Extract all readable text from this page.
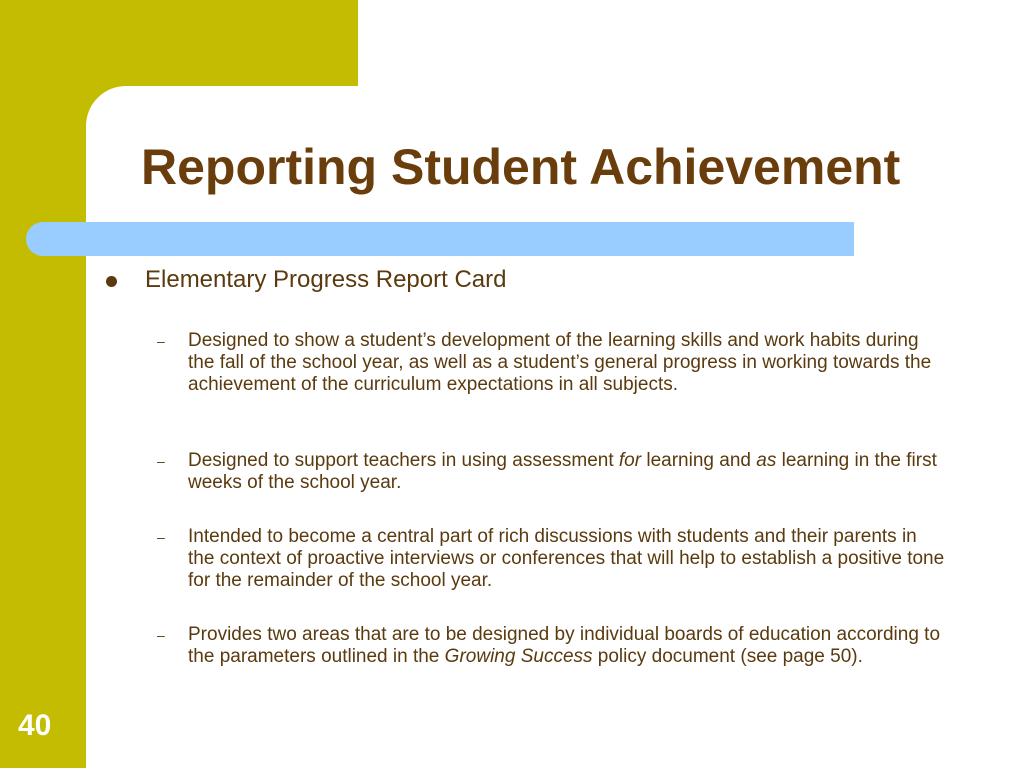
Reporting Student Achievement
Elementary Progress Report Card
– Designed to show a student’s development of the learning skills and work habits during the fall of the school year, as well as a student’s general progress in working towards the achievement of the curriculum expectations in all subjects.
– Designed to support teachers in using assessment for learning and as learning in the first weeks of the school year.
– Intended to become a central part of rich discussions with students and their parents in the context of proactive interviews or conferences that will help to establish a positive tone for the remainder of the school year.
– Provides two areas that are to be designed by individual boards of education according to the parameters outlined in the Growing Success policy document (see page 50).
40
